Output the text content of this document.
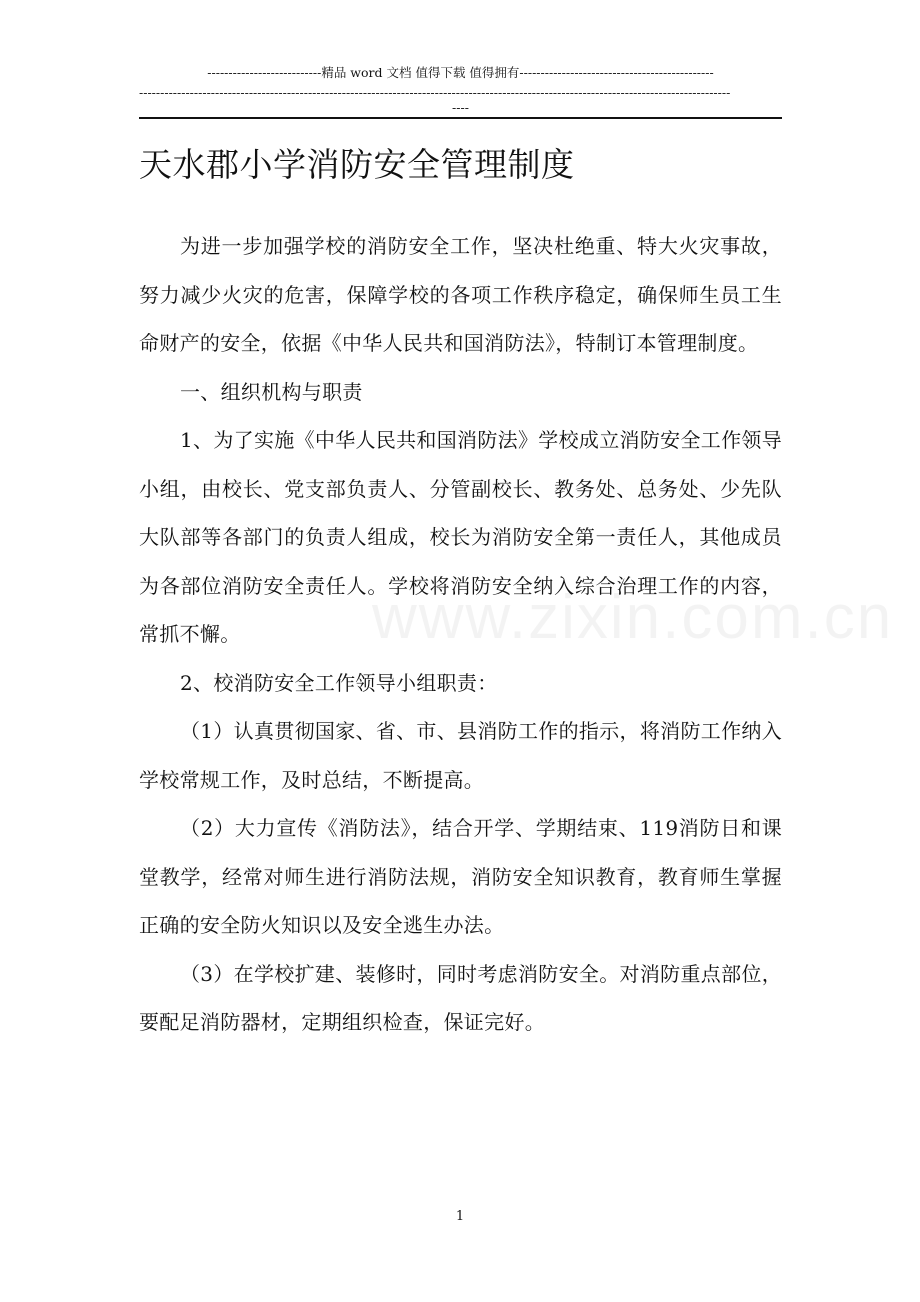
---------------------------精品 word 文档 值得下载 值得拥有----------------------------------------------
--------------------------------------------------------------------------------------------------------------------------------------------
----
天水郡小学消防安全管理制度

为进一步加强学校的消防安全工作，坚决杜绝重、特大火灾事故，努力减少火灾的危害，保障学校的各项工作秩序稳定，确保师生员工生命财产的安全，依据《中华人民共和国消防法》，特制订本管理制度。

一、组织机构与职责

1、为了实施《中华人民共和国消防法》学校成立消防安全工作领导小组，由校长、党支部负责人、分管副校长、教务处、总务处、少先队大队部等各部门的负责人组成，校长为消防安全第一责任人，其他成员为各部位消防安全责任人。学校将消防安全纳入综合治理工作的内容，常抓不懈。

2、校消防安全工作领导小组职责：

（1）认真贯彻国家、省、市、县消防工作的指示，将消防工作纳入学校常规工作，及时总结，不断提高。

（2）大力宣传《消防法》，结合开学、学期结束、119消防日和课堂教学，经常对师生进行消防法规，消防安全知识教育，教育师生掌握正确的安全防火知识以及安全逃生办法。

（3）在学校扩建、装修时，同时考虑消防安全。对消防重点部位，要配足消防器材，定期组织检查，保证完好。

1
